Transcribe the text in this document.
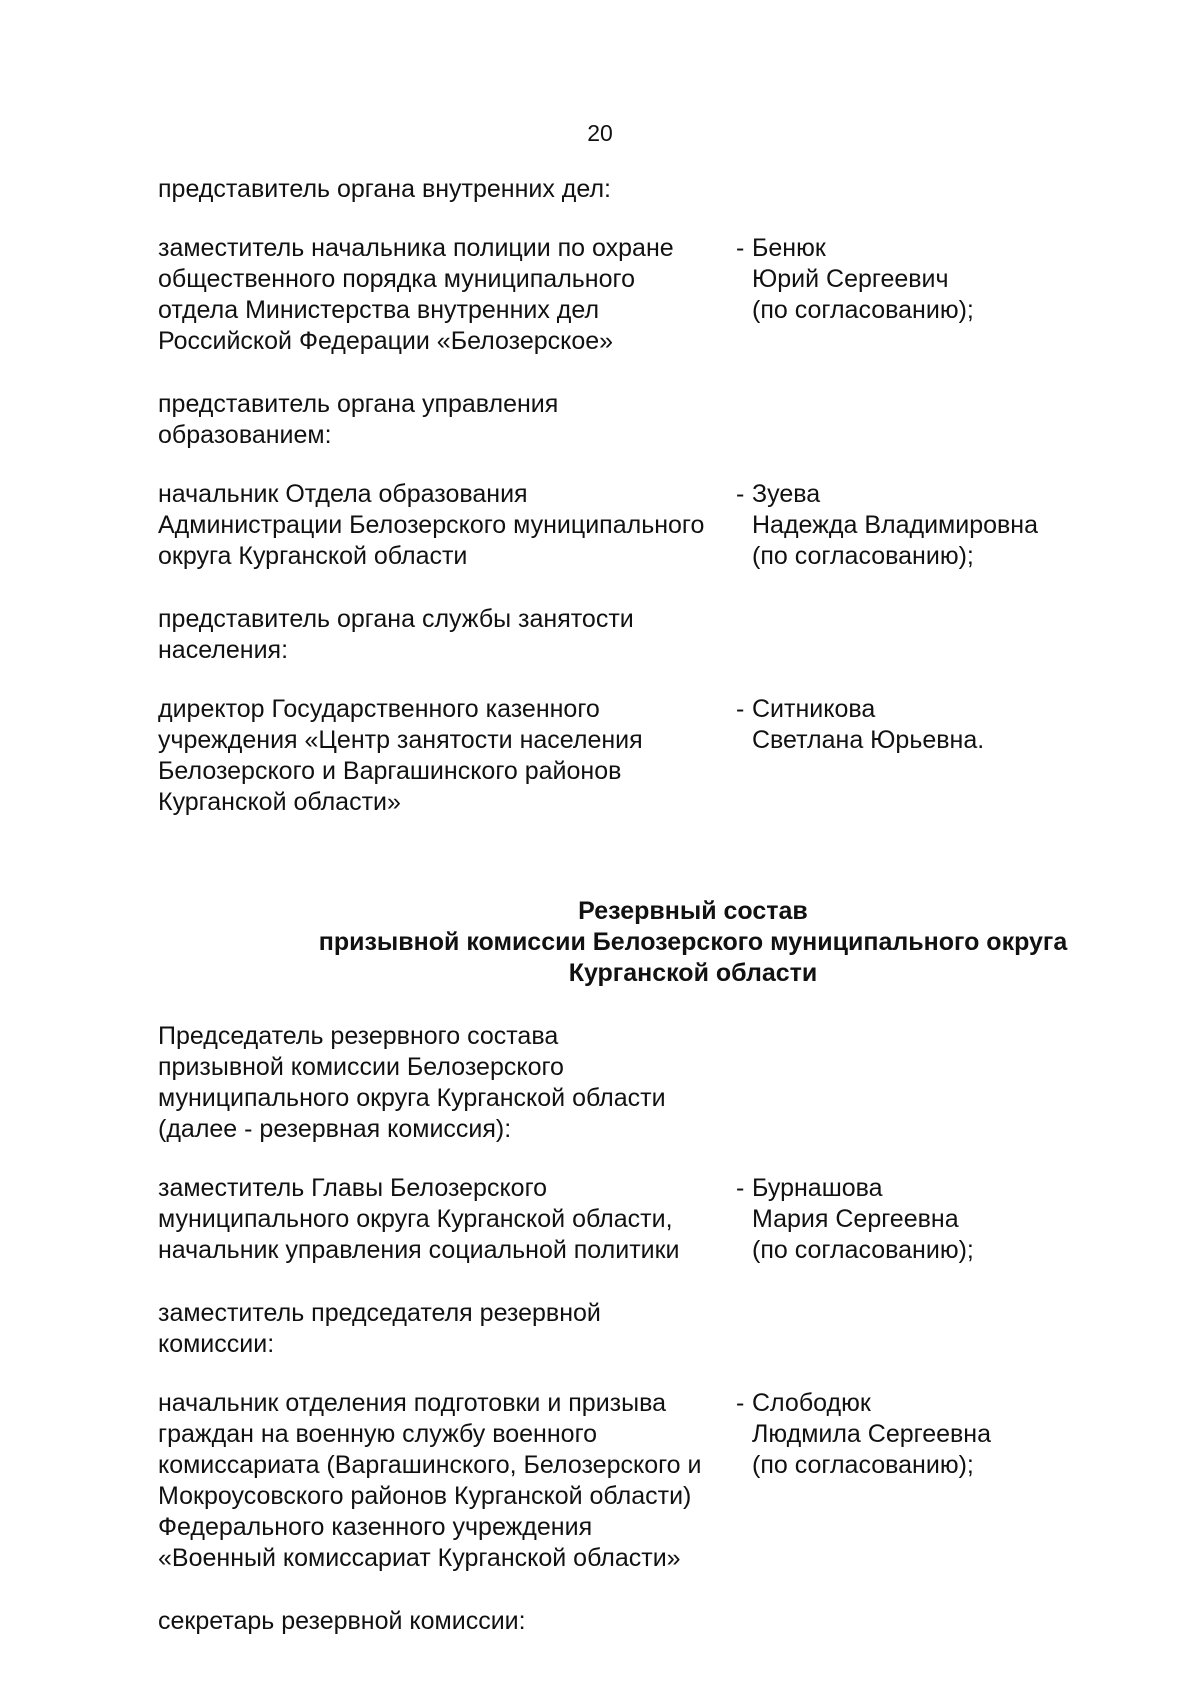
20
представитель органа внутренних дел:
заместитель начальника полиции по охране
общественного порядка муниципального
отдела Министерства внутренних дел
Российской Федерации «Белозерское»
- Бенюк
Юрий Сергеевич
(по согласованию);
представитель органа управления
образованием:
начальник Отдела образования
Администрации Белозерского муниципального
округа Курганской области
- Зуева
Надежда Владимировна
(по согласованию);
представитель органа службы занятости
населения:
директор Государственного казенного
учреждения «Центр занятости населения
Белозерского и Варгашинского районов
Курганской области»
- Ситникова
Светлана Юрьевна.
Резервный состав
призывной комиссии Белозерского муниципального округа
Курганской области
Председатель резервного состава
призывной комиссии Белозерского
муниципального округа Курганской области
(далее - резервная комиссия):
заместитель Главы Белозерского
муниципального округа Курганской области,
начальник управления социальной политики
- Бурнашова
Мария Сергеевна
(по согласованию);
заместитель председателя резервной
комиссии:
начальник отделения подготовки и призыва
граждан на военную службу военного
комиссариата (Варгашинского, Белозерского и
Мокроусовского районов Курганской области)
Федерального казенного учреждения
«Военный комиссариат Курганской области»
- Слободюк
Людмила Сергеевна
(по согласованию);
секретарь резервной комиссии:
